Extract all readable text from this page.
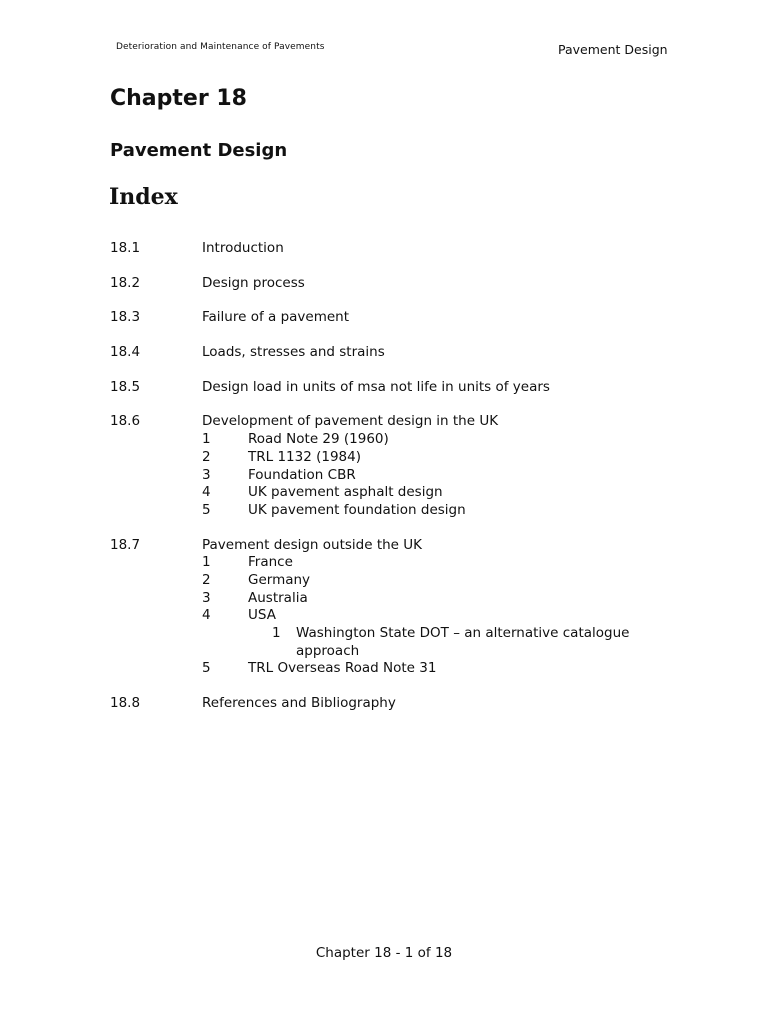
Deterioration and Maintenance of Pavements	Pavement Design
Chapter 18
Pavement Design
Index
18.1	Introduction
18.2	Design process
18.3	Failure of a pavement
18.4	Loads, stresses and strains
18.5	Design load in units of msa not life in units of years
18.6	Development of pavement design in the UK
1	Road Note 29 (1960)
2	TRL 1132 (1984)
3	Foundation CBR
4	UK pavement asphalt design
5	UK pavement foundation design
18.7	Pavement design outside the UK
1	France
2	Germany
3	Australia
4	USA
1	Washington State DOT – an alternative catalogue
approach
5	TRL Overseas Road Note 31
18.8	References and Bibliography
Chapter 18 - 1 of 18
